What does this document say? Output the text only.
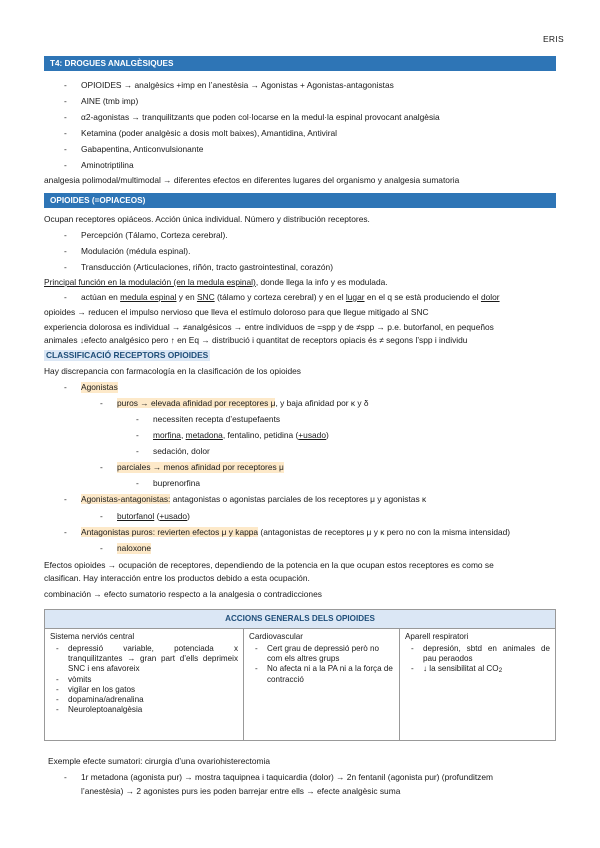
ERIS
T4: DROGUES ANALGÈSIQUES
- OPIOIDES → analgèsics +imp en l’anestèsia → Agonistas + Agonistas-antagonistas
- AINE (tmb imp)
- α2-agonistas → tranquilitzants que poden col·locarse en la medul·la espinal provocant analgèsia
- Ketamina (poder analgèsic a dosis molt baixes), Amantidina, Antiviral
- Gabapentina, Anticonvulsionante
- Aminotriptilina
analgesia polimodal/multimodal → diferentes efectos en diferentes lugares del organismo y analgesia sumatoria
OPIOIDES (=OPIACEOS)
Ocupan receptores opiáceos. Acción única individual. Número y distribución receptores.
- Percepción (Tálamo, Corteza cerebral).
- Modulación (médula espinal).
- Transducción (Articulaciones, riñón, tracto gastrointestinal, corazón)
Principal función en la modulación (en la medula espinal), donde llega la info y es modulada.
- actúan en medula espinal y en SNC (tálamo y corteza cerebral) y en el lugar en el q se està produciendo el dolor
opioides → reducen el impulso nervioso que lleva el estímulo doloroso para que llegue mitigado al SNC
experiencia dolorosa es individual → ≠analgésicos → entre individuos de =spp y de ≠spp → p.e. butorfanol, en pequeños
animales ↓efecto analgésico pero ↑ en Eq → distribució i quantitat de receptors opiacis és ≠ segons l’spp i individu
CLASSIFICACIÓ RECEPTORS OPIOIDES
Hay discrepancia con farmacología en la clasificación de los opioides
- Agonistas
- puros → elevada afinidad por receptores μ, y baja afinidad por κ y δ
- necessiten recepta d’estupefaents
- morfina, metadona, fentalino, petidina (+usado)
- sedación, dolor
- parciales → menos afinidad por receptores μ
- buprenorfina
- Agonistas-antagonistas: antagonistas o agonistas parciales de los receptores μ y agonistas κ
- butorfanol (+usado)
- Antagonistas puros: revierten efectos μ y kappa (antagonistas de receptores μ y κ pero no con la misma intensidad)
- naloxone
Efectos opioides → ocupación de receptores, dependiendo de la potencia en la que ocupan estos receptores es como se
clasifican. Hay interacción entre los productos debido a esta ocupación.
combinación → efecto sumatorio respecto a la analgesia o contradicciones
ACCIONS GENERALS DELS OPIOIDES

Sistema nerviós central
- depressió variable, potenciada x tranquilitzantes → gran part d’ells deprimeix SNC i ens afavoreix
- vòmits
- vigilar en los gatos
- dopamina/adrenalina
- Neuroleptoanalgèsia

Cardiovascular
- Cert grau de depressió però no com els altres grups
- No afecta ni a la PA ni a la força de contracció

Aparell respiratori
- depresión, sbtd en animales de pau peraodos
- ↓ la sensibilitat al CO2
Exemple efecte sumatori: cirurgia d’una ovariohisterectomia
- 1r metadona (agonista pur) → mostra taquipnea i taquicardia (dolor) → 2n fentanil (agonista pur) (profunditzem
l’anestèsia) → 2 agonistes purs ies poden barrejar entre ells → efecte analgèsic suma
